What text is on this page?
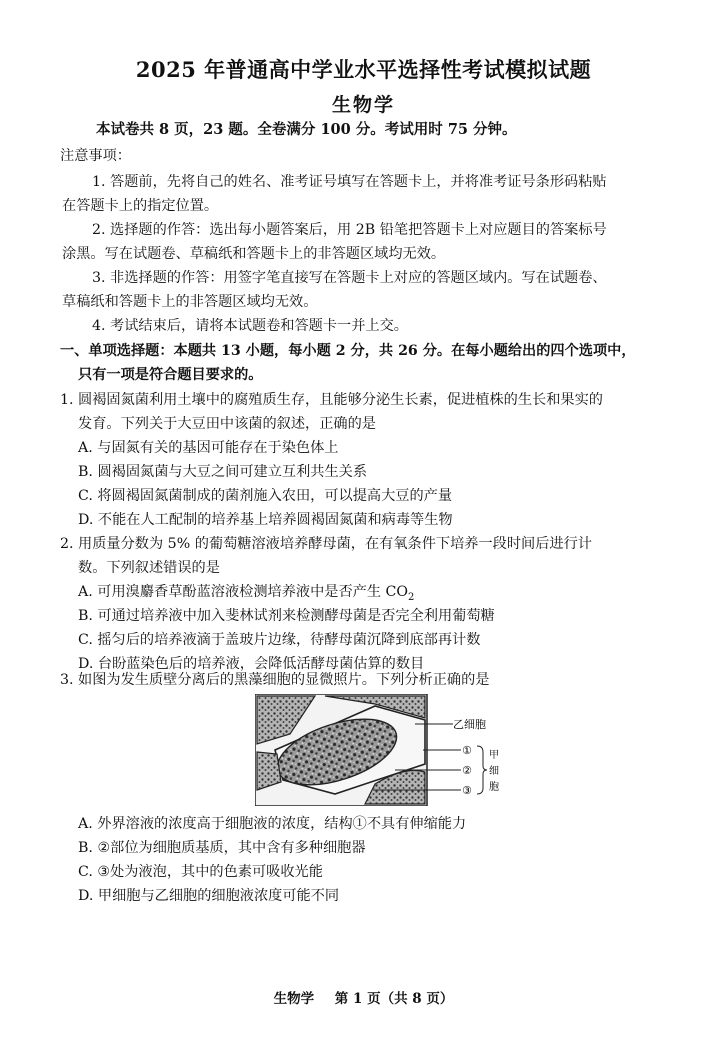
2025 年普通高中学业水平选择性考试模拟试题
生物学
本试卷共 8 页，23 题。全卷满分 100 分。考试用时 75 分钟。
注意事项：
1. 答题前，先将自己的姓名、准考证号填写在答题卡上，并将准考证号条形码粘贴
在答题卡上的指定位置。
2. 选择题的作答：选出每小题答案后，用 2B 铅笔把答题卡上对应题目的答案标号
涂黑。写在试题卷、草稿纸和答题卡上的非答题区域均无效。
3. 非选择题的作答：用签字笔直接写在答题卡上对应的答题区域内。写在试题卷、
草稿纸和答题卡上的非答题区域均无效。
4. 考试结束后，请将本试题卷和答题卡一并上交。
一、单项选择题：本题共 13 小题，每小题 2 分，共 26 分。在每小题给出的四个选项中，
只有一项是符合题目要求的。
1. 圆褐固氮菌利用土壤中的腐殖质生存，且能够分泌生长素，促进植株的生长和果实的
发育。下列关于大豆田中该菌的叙述，正确的是
A. 与固氮有关的基因可能存在于染色体上
B. 圆褐固氮菌与大豆之间可建立互利共生关系
C. 将圆褐固氮菌制成的菌剂施入农田，可以提高大豆的产量
D. 不能在人工配制的培养基上培养圆褐固氮菌和病毒等生物
2. 用质量分数为 5% 的葡萄糖溶液培养酵母菌，在有氧条件下培养一段时间后进行计
数。下列叙述错误的是
A. 可用溴麝香草酚蓝溶液检测培养液中是否产生 $CO_2$
B. 可通过培养液中加入斐林试剂来检测酵母菌是否完全利用葡萄糖
C. 摇匀后的培养液滴于盖玻片边缘，待酵母菌沉降到底部再计数
D. 台盼蓝染色后的培养液，会降低活酵母菌估算的数目
3. 如图为发生质壁分离后的黑藻细胞的显微照片。下列分析正确的是
乙细胞
①
②
③
甲
细
胞
A. 外界溶液的浓度高于细胞液的浓度，结构①不具有伸缩能力
B. ②部位为细胞质基质，其中含有多种细胞器
C. ③处为液泡，其中的色素可吸收光能
D. 甲细胞与乙细胞的细胞液浓度可能不同
生物学 第 1 页（共 8 页）
